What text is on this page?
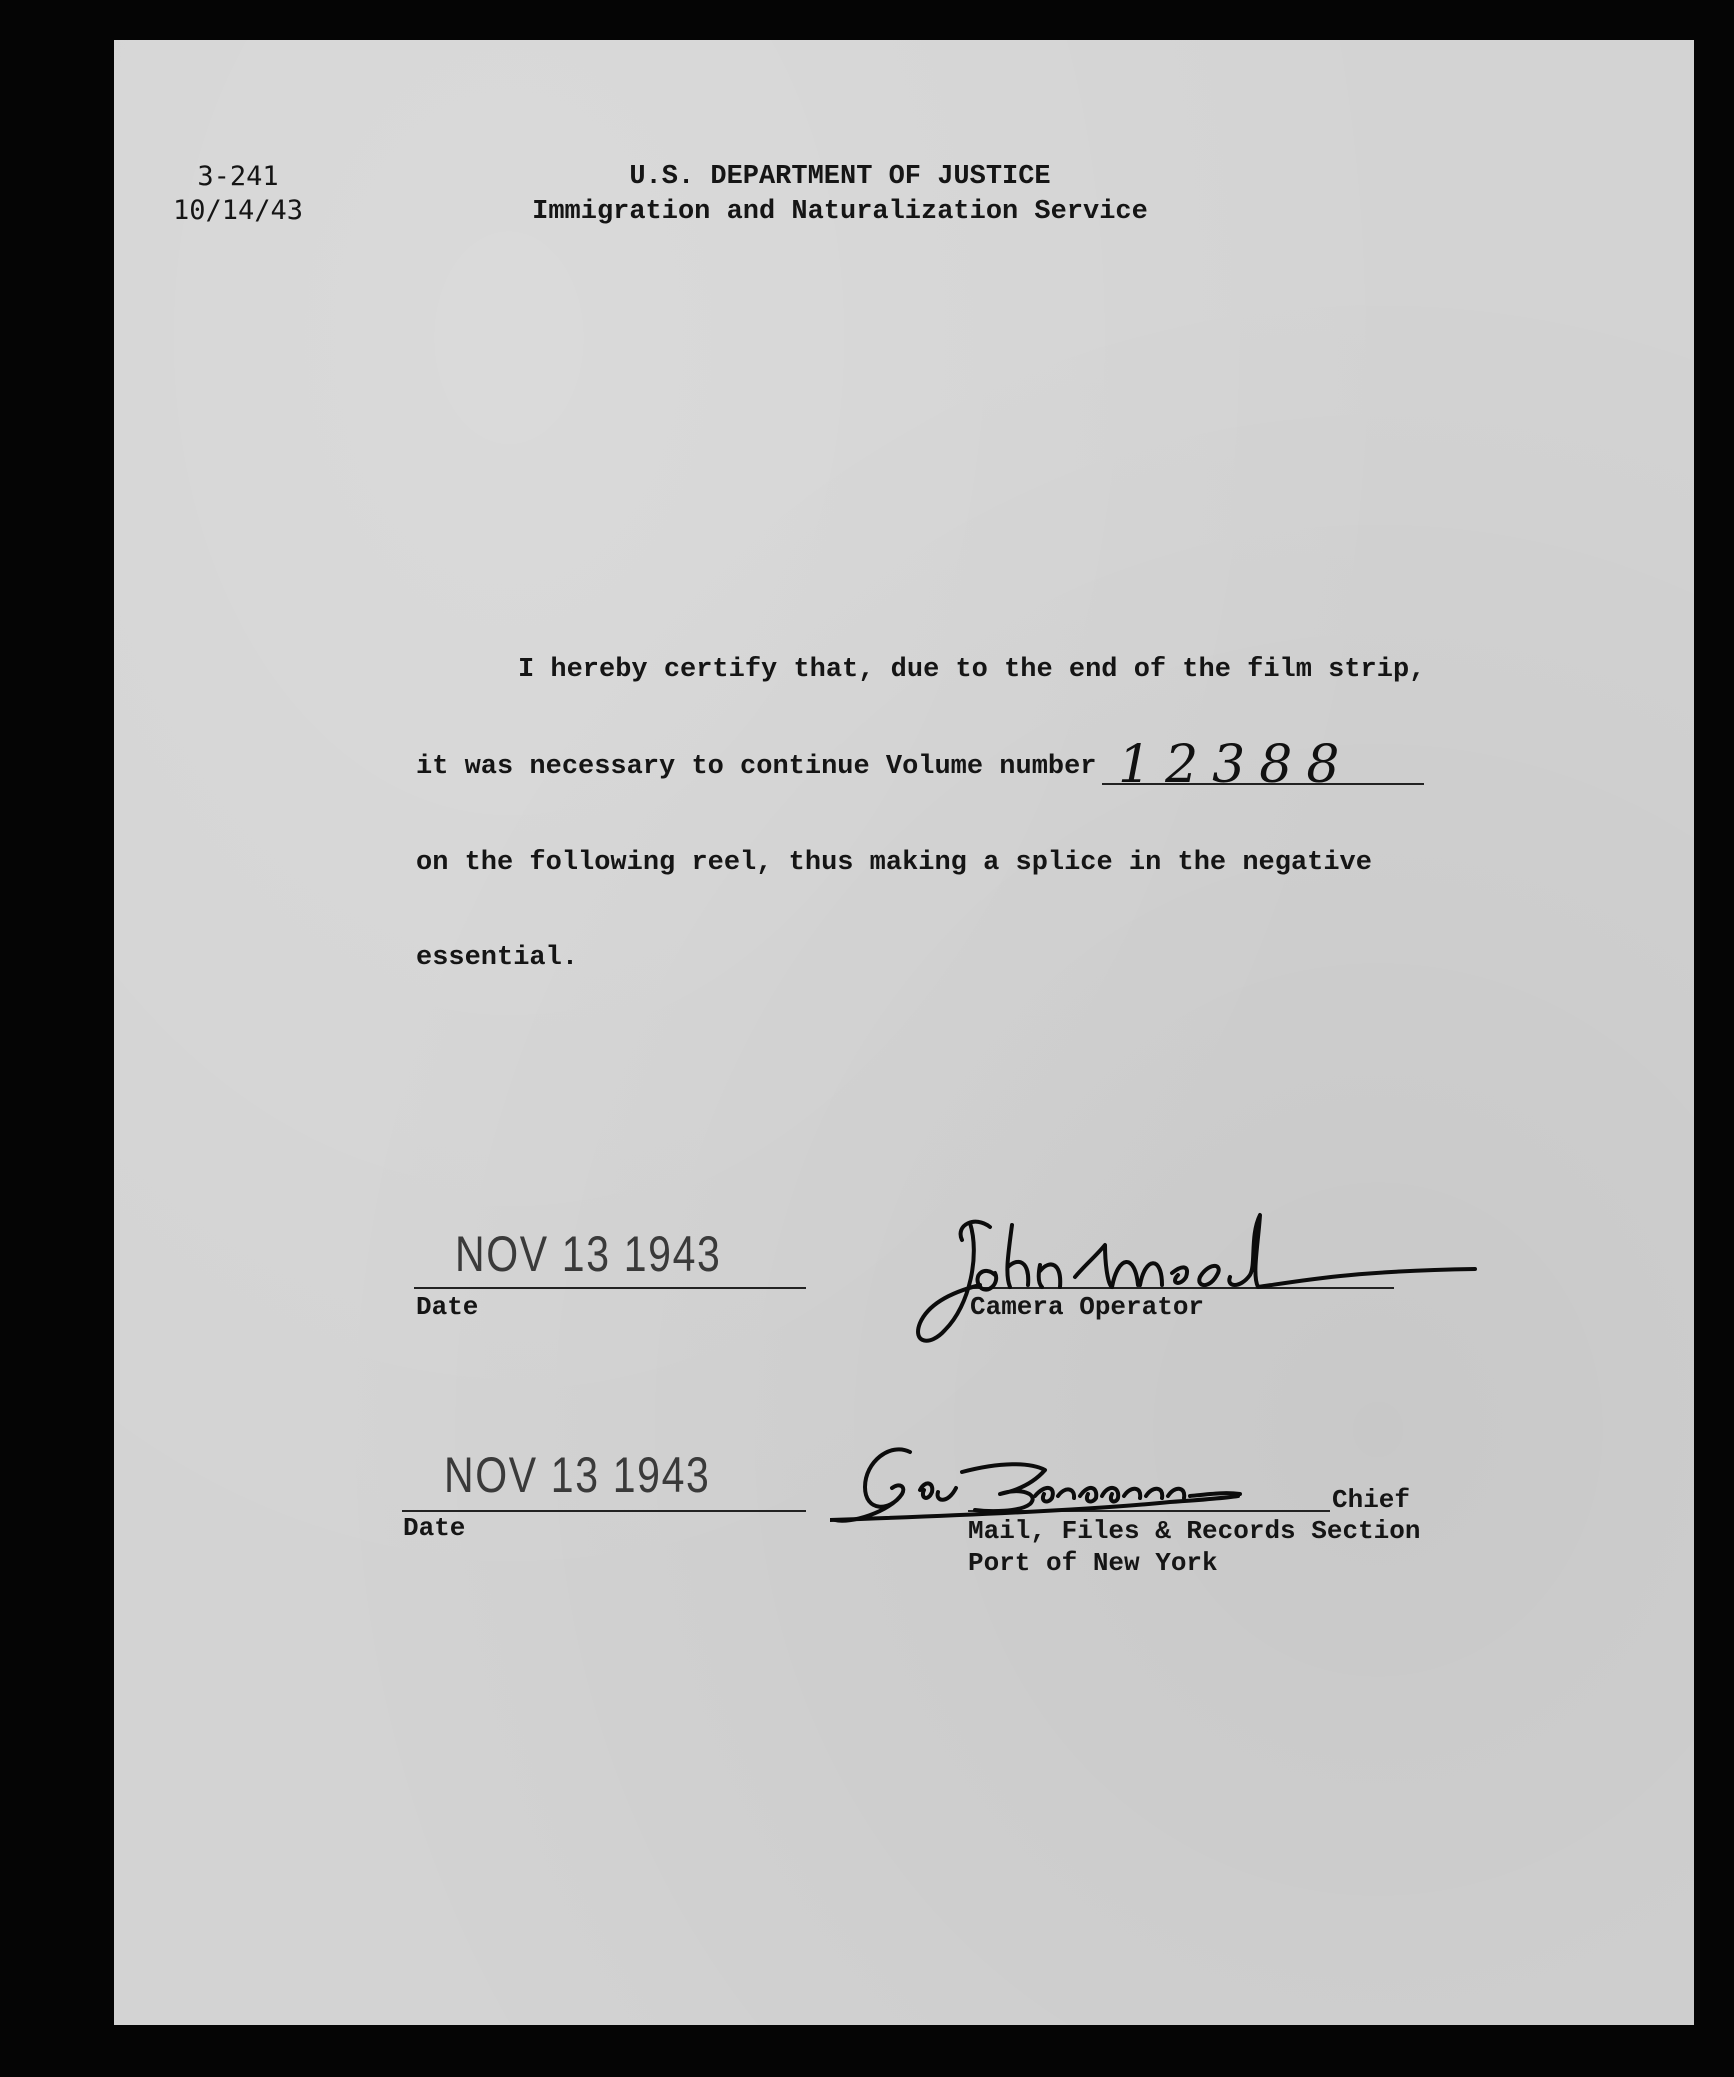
3-241
10/14/43
U.S. DEPARTMENT OF JUSTICE
Immigration and Naturalization Service
I hereby certify that, due to the end of the film strip,
it was necessary to continue Volume number 12388
on the following reel, thus making a splice in the negative
essential.
NOV 13 1943
Date	Camera Operator
NOV 13 1943
Date
Chief
Mail, Files & Records Section
Port of New York
